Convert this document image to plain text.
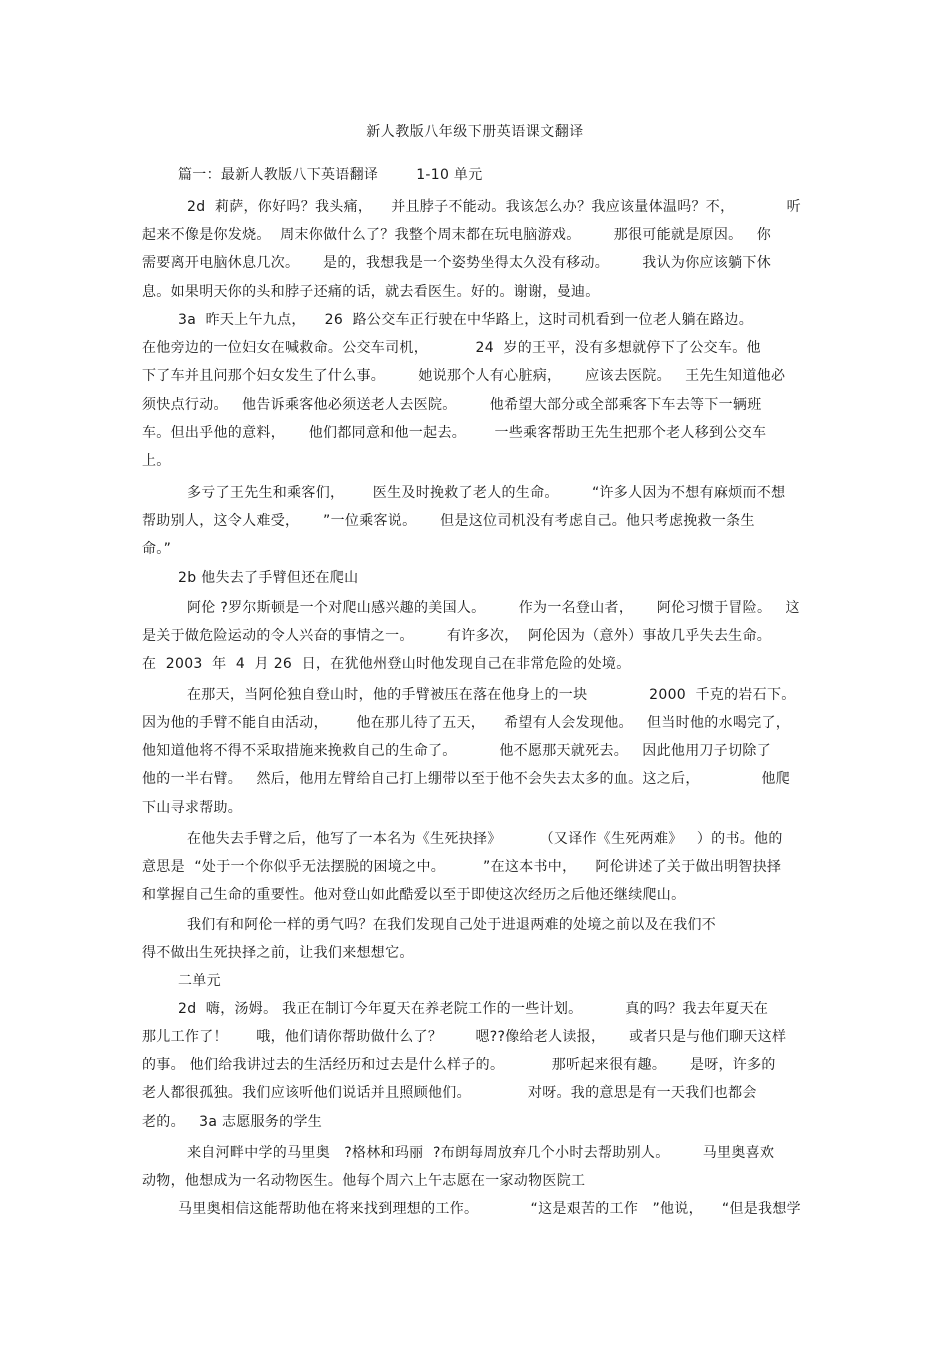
新人教版八年级下册英语课文翻译
篇一：最新人教版八下英语翻译        1-10 单元
2d  莉萨，你好吗？我头痛，    并且脖子不能动。我该怎么办？我应该量体温吗？不，           听
起来不像是你发烧。  周末你做什么了？我整个周末都在玩电脑游戏。       那很可能就是原因。   你
需要离开电脑休息几次。     是的，我想我是一个姿势坐得太久没有移动。       我认为你应该躺下休
息。如果明天你的头和脖子还痛的话，就去看医生。好的。谢谢，曼迪。
3a  昨天上午九点，    26  路公交车正行驶在中华路上，这时司机看到一位老人躺在路边。
在他旁边的一位妇女在喊救命。公交车司机，          24  岁的王平，没有多想就停下了公交车。他
下了车并且问那个妇女发生了什么事。       她说那个人有心脏病，     应该去医院。   王先生知道他必
须快点行动。   他告诉乘客他必须送老人去医院。       他希望大部分或全部乘客下车去等下一辆班
车。但出乎他的意料，     他们都同意和他一起去。      一些乘客帮助王先生把那个老人移到公交车
上。
多亏了王先生和乘客们，      医生及时挽救了老人的生命。       “许多人因为不想有麻烦而不想
帮助别人，这令人难受，     ”一位乘客说。     但是这位司机没有考虑自己。他只考虑挽救一条生
命。”
2b 他失去了手臂但还在爬山
阿伦 ?罗尔斯顿是一个对爬山感兴趣的美国人。       作为一名登山者，     阿伦习惯于冒险。   这
是关于做危险运动的令人兴奋的事情之一。       有许多次，  阿伦因为（意外）事故几乎失去生命。
在  2003  年  4  月 26  日，在犹他州登山时他发现自己在非常危险的处境。
在那天，当阿伦独自登山时，他的手臂被压在落在他身上的一块             2000  千克的岩石下。
因为他的手臂不能自由活动，      他在那儿待了五天，    希望有人会发现他。   但当时他的水喝完了，
他知道他将不得不采取措施来挽救自己的生命了。         他不愿那天就死去。   因此他用刀子切除了
他的一半右臂。   然后，他用左臂给自己打上绷带以至于他不会失去太多的血。这之后，             他爬
下山寻求帮助。
在他失去手臂之后，他写了一本名为《生死抉择》        （又译作《生死两难》   ）的书。他的
意思是  “处于一个你似乎无法摆脱的困境之中。        ”在这本书中，    阿伦讲述了关于做出明智抉择
和掌握自己生命的重要性。他对登山如此酷爱以至于即使这次经历之后他还继续爬山。
我们有和阿伦一样的勇气吗？在我们发现自己处于进退两难的处境之前以及在我们不
得不做出生死抉择之前，让我们来想想它。
二单元
2d  嗨，汤姆。 我正在制订今年夏天在养老院工作的一些计划。         真的吗？我去年夏天在
那儿工作了！      哦，他们请你帮助做什么了？       嗯??像给老人读报，     或者只是与他们聊天这样
的事。 他们给我讲过去的生活经历和过去是什么样子的。          那听起来很有趣。     是呀，许多的
老人都很孤独。我们应该听他们说话并且照顾他们。            对呀。我的意思是有一天我们也都会
老的。   3a 志愿服务的学生
来自河畔中学的马里奥   ?格林和玛丽  ?布朗每周放弃几个小时去帮助别人。       马里奥喜欢
动物，他想成为一名动物医生。他每个周六上午志愿在一家动物医院工
马里奥相信这能帮助他在将来找到理想的工作。           “这是艰苦的工作   ”他说，    “但是我想学
